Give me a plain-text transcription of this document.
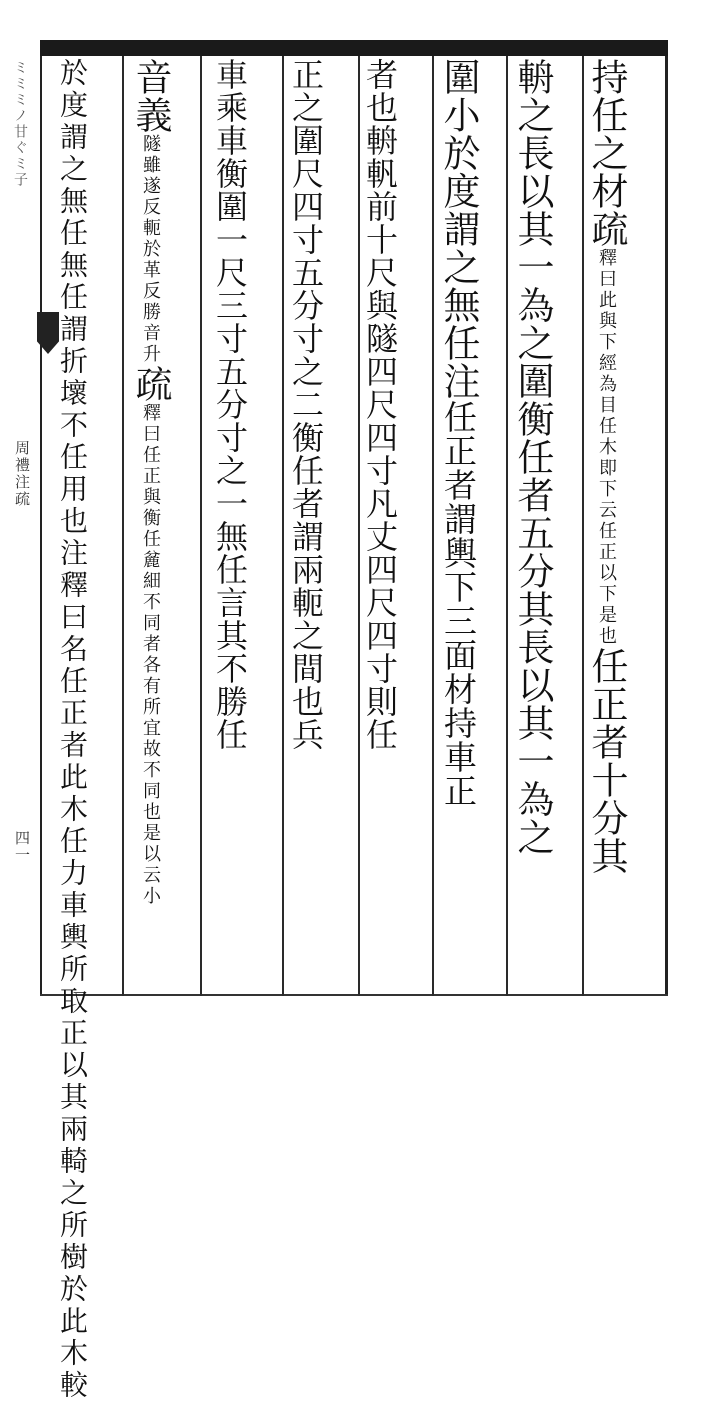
ミミミノ甘ぐミ子
周禮注疏
四一
持任之材疏釋曰此與下經為目任木即下云任正以下是也任正者十分其
輈之長以其一為之圍衡任者五分其長以其一為之
圍小於度謂之無任注任正者謂輿下三面材持車正
者也輈軓前十尺與隧四尺四寸凡丈四尺四寸則任
正之圍尺四寸五分寸之二衡任者謂兩軛之間也兵
車乘車衡圍一尺三寸五分寸之一無任言其不勝任
音義隧雖遂反軛於革反勝音升疏釋曰任正與衡任麄細不同者各有所宜故不同也是以云小
於度謂之無任無任謂折壞不任用也注釋曰名任正者此木任力車輿所取正以其兩輢之所樹於此木較
